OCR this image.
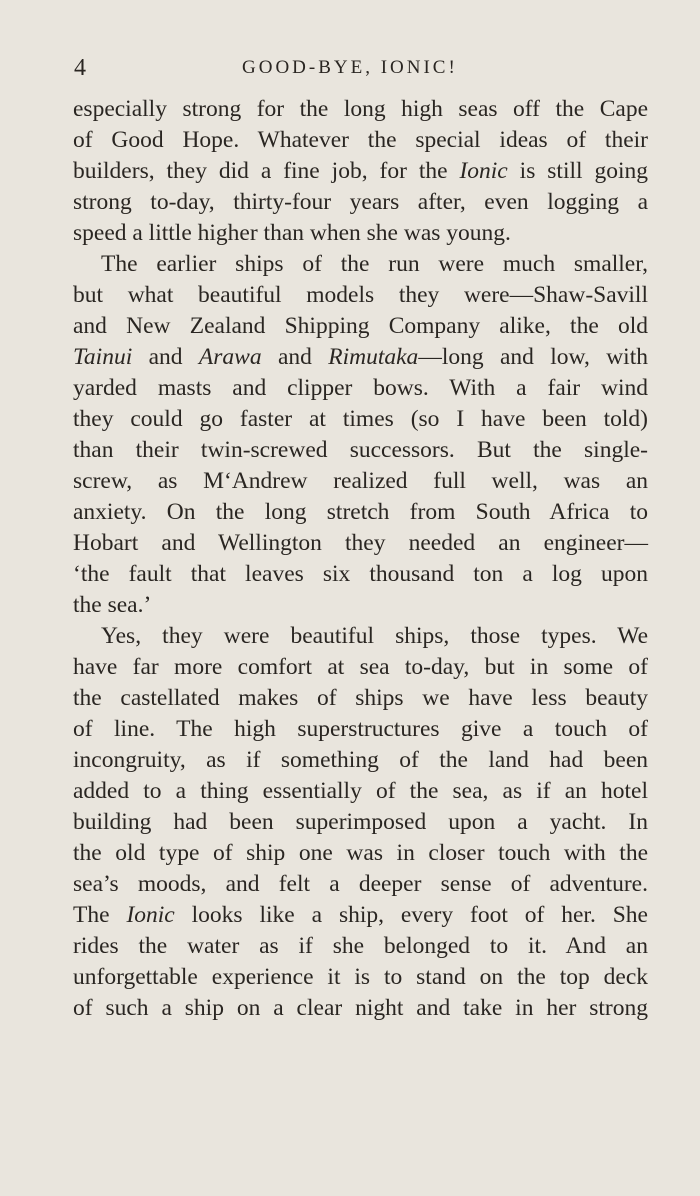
4	GOOD-BYE, IONIC!
especially strong for the long high seas off the Cape
of Good Hope. Whatever the special ideas of their
builders, they did a fine job, for the Ionic is still going
strong to-day, thirty-four years after, even logging a
speed a little higher than when she was young.
The earlier ships of the run were much smaller,
but what beautiful models they were—Shaw-Savill
and New Zealand Shipping Company alike, the old
Tainui and Arawa and Rimutaka—long and low, with
yarded masts and clipper bows. With a fair wind
they could go faster at times (so I have been told)
than their twin-screwed successors. But the single-
screw, as M‘Andrew realized full well, was an
anxiety. On the long stretch from South Africa to
Hobart and Wellington they needed an engineer—
‘the fault that leaves six thousand ton a log upon
the sea.’
Yes, they were beautiful ships, those types. We
have far more comfort at sea to-day, but in some of
the castellated makes of ships we have less beauty
of line. The high superstructures give a touch of
incongruity, as if something of the land had been
added to a thing essentially of the sea, as if an hotel
building had been superimposed upon a yacht. In
the old type of ship one was in closer touch with the
sea’s moods, and felt a deeper sense of adventure.
The Ionic looks like a ship, every foot of her. She
rides the water as if she belonged to it. And an
unforgettable experience it is to stand on the top deck
of such a ship on a clear night and take in her strong
